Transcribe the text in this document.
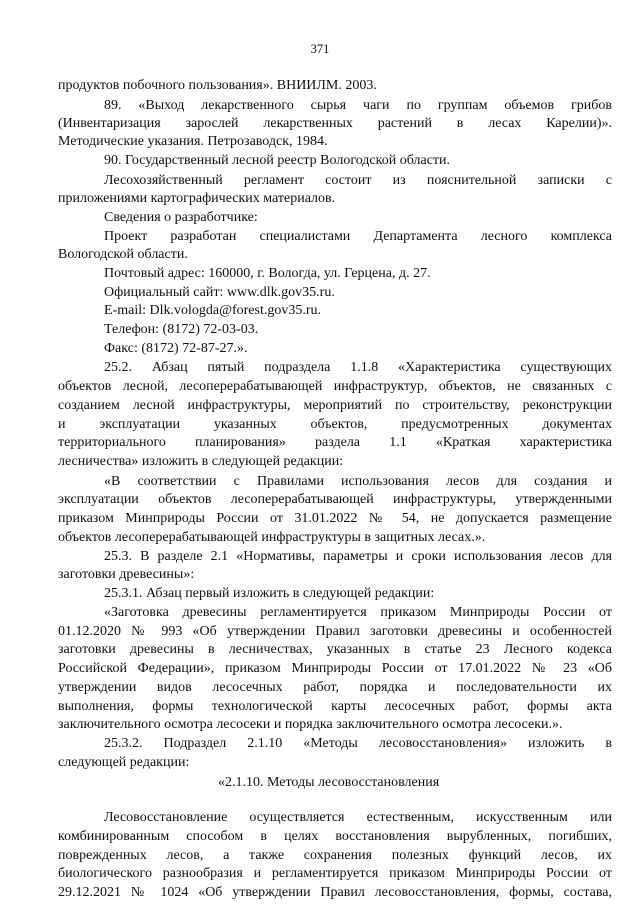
371
продуктов побочного пользования». ВНИИЛМ. 2003.
89. «Выход лекарственного сырья чаги по группам объемов грибов
(Инвентаризация зарослей лекарственных растений в лесах Карелии)».
Методические указания. Петрозаводск, 1984.
90. Государственный лесной реестр Вологодской области.
Лесохозяйственный регламент состоит из пояснительной записки с
приложениями картографических материалов.
Сведения о разработчике:
Проект разработан специалистами Департамента лесного комплекса
Вологодской области.
Почтовый адрес: 160000, г. Вологда, ул. Герцена, д. 27.
Официальный сайт: www.dlk.gov35.ru.
E-mail: Dlk.vologda@forest.gov35.ru.
Телефон: (8172) 72-03-03.
Факс: (8172) 72-87-27.».
25.2. Абзац пятый подраздела 1.1.8 «Характеристика существующих
объектов лесной, лесоперерабатывающей инфраструктур, объектов, не связанных с
созданием лесной инфраструктуры, мероприятий по строительству, реконструкции
и эксплуатации указанных объектов, предусмотренных документах
территориального планирования» раздела 1.1 «Краткая характеристика
лесничества» изложить в следующей редакции:
«В соответствии с Правилами использования лесов для создания и
эксплуатации объектов лесоперерабатывающей инфраструктуры, утвержденными
приказом Минприроды России от 31.01.2022 № 54, не допускается размещение
объектов лесоперерабатывающей инфраструктуры в защитных лесах.».
25.3. В разделе 2.1 «Нормативы, параметры и сроки использования лесов для
заготовки древесины»:
25.3.1. Абзац первый изложить в следующей редакции:
«Заготовка древесины регламентируется приказом Минприроды России от
01.12.2020 № 993 «Об утверждении Правил заготовки древесины и особенностей
заготовки древесины в лесничествах, указанных в статье 23 Лесного кодекса
Российской Федерации», приказом Минприроды России от 17.01.2022 № 23 «Об
утверждении видов лесосечных работ, порядка и последовательности их
выполнения, формы технологической карты лесосечных работ, формы акта
заключительного осмотра лесосеки и порядка заключительного осмотра лесосеки.».
25.3.2. Подраздел 2.1.10 «Методы лесовосстановления» изложить в
следующей редакции:
«2.1.10. Методы лесовосстановления
Лесовосстановление осуществляется естественным, искусственным или
комбинированным способом в целях восстановления вырубленных, погибших,
поврежденных лесов, а также сохранения полезных функций лесов, их
биологического разнообразия и регламентируется приказом Минприроды России от
29.12.2021 № 1024 «Об утверждении Правил лесовосстановления, формы, состава,
